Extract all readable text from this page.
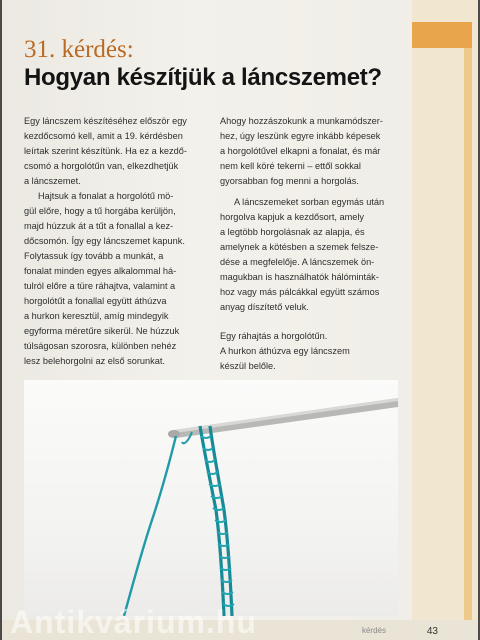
31. kérdés:
Hogyan készítjük a láncszemet?

Egy láncszem készítéséhez először egy
kezdőcsomó kell, amit a 19. kérdésben
leírtak szerint készítünk. Ha ez a kezdő-
csomó a horgolótűn van, elkezdhetjük
a láncszemet.

Hajtsuk a fonalat a horgolótű mö-
gül előre, hogy a tű horgába kerüljön,
majd húzzuk át a tűt a fonallal a kez-
dőcsomón. Így egy láncszemet kapunk.
Folytassuk így tovább a munkát, a
fonalat minden egyes alkalommal há-
tulról előre a türe ráhajtva, valamint a
horgolótűt a fonallal együtt áthúzva
a hurkon keresztül, amíg mindegyik
egyforma méretűre sikerül. Ne húzzuk
túlságosan szorosra, különben nehéz
lesz belehorgolni az első sorunkat.

Ahogy hozzászokunk a munkamódszer-
hez, úgy leszünk egyre inkább képesek
a horgolótűvel elkapni a fonalat, és már
nem kell köré tekerni – ettől sokkal
gyorsabban fog menni a horgolás.

A láncszemeket sorban egymás után
horgolva kapjuk a kezdősort, amely
a legtöbb horgolásnak az alapja, és
amelynek a kötésben a szemek felsze-
dése a megfelelője. A láncszemek ön-
magukban is használhatók hálóminták-
hoz vagy más pálcákkal együtt számos
anyag díszítető veluk.

Egy ráhajtás a horgolótűn.

A hurkon áthúzva egy láncszem
készül belőle.

kérdés	43
Antikvárium.hu
